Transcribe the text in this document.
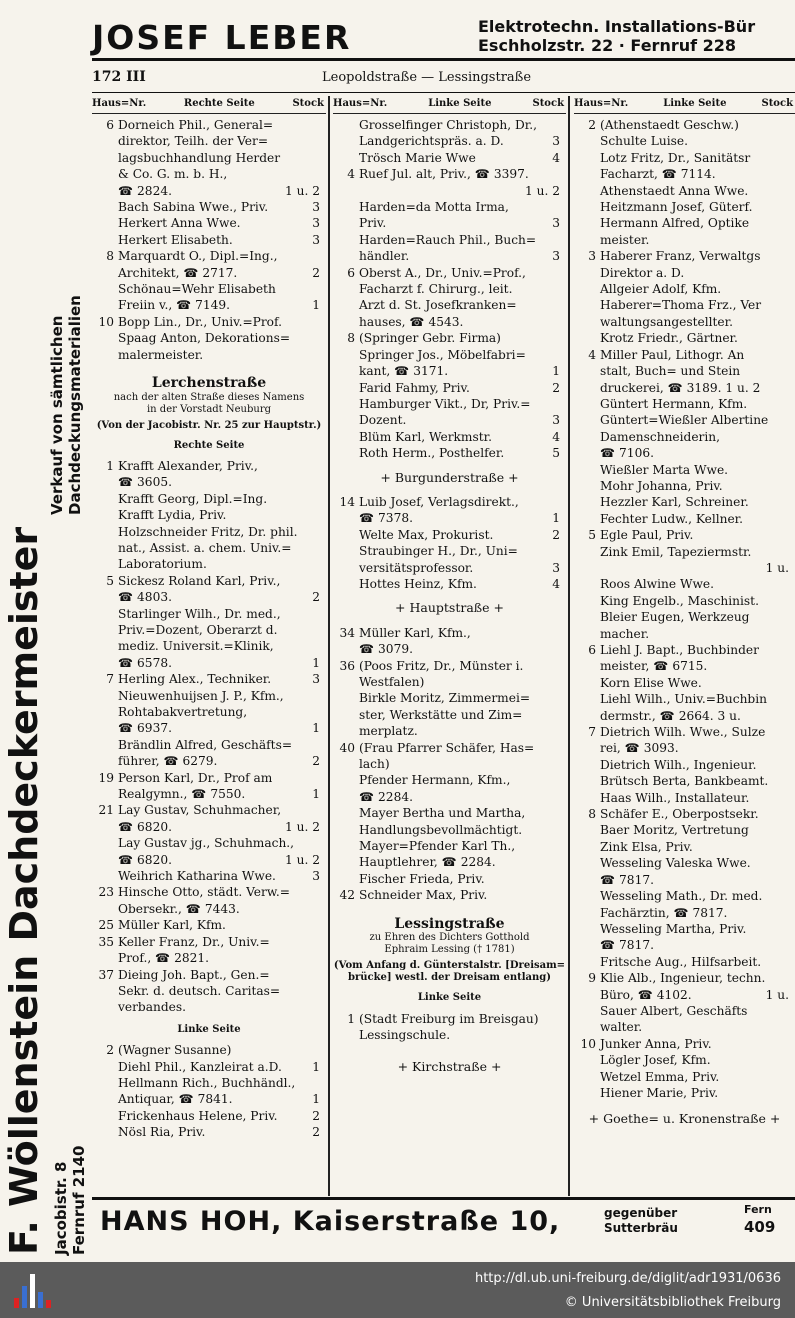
JOSEF LEBER	Elektrotechn. Installations-Bür
Eschholzstr. 22 · Fernruf 228
172 III	Leopoldstraße — Lessingstraße
F. Wöllenstein Dachdeckermeister
Verkauf von sämtlichen Dachdeckungsmaterialien
Jacobistr. 8 Fernruf 2140
Haus=Nr.	Rechte Seite	Stock
6 Dorneich Phil., General=
direktor, Teilh. der Ver=
lagsbuchhandlung Herder
& Co. G. m. b. H.,
☎ 2824.	1 u. 2
Bach Sabina Wwe., Priv.	3
Herkert Anna Wwe.	3
Herkert Elisabeth.	3
8 Marquardt O., Dipl.=Ing.,
Architekt, ☎ 2717.	2
Schönau=Wehr Elisabeth
Freiin v., ☎ 7149.	1
10 Bopp Lin., Dr., Univ.=Prof.
Spaag Anton, Dekorations=
malermeister.
Lerchenstraße
nach der alten Straße dieses Namens
in der Vorstadt Neuburg
(Von der Jacobistr. Nr. 25 zur Hauptstr.)
Rechte Seite
1 Krafft Alexander, Priv.,
☎ 3605.
Krafft Georg, Dipl.=Ing.
Krafft Lydia, Priv.
Holzschneider Fritz, Dr. phil.
nat., Assist. a. chem. Univ.=
Laboratorium.
5 Sickesz Roland Karl, Priv.,
☎ 4803.	2
Starlinger Wilh., Dr. med.,
Priv.=Dozent, Oberarzt d.
mediz. Universit.=Klinik,
☎ 6578.	1
7 Herling Alex., Techniker.	3
Nieuwenhuijsen J. P., Kfm.,
Rohtabakvertretung,
☎ 6937.	1
Brändlin Alfred, Geschäfts=
führer, ☎ 6279.	2
19 Person Karl, Dr., Prof am
Realgymn., ☎ 7550.	1
21 Lay Gustav, Schuhmacher,
☎ 6820.	1 u. 2
Lay Gustav jg., Schuhmach.,
☎ 6820.	1 u. 2
Weihrich Katharina Wwe.	3
23 Hinsche Otto, städt. Verw.=
Obersekr., ☎ 7443.
25 Müller Karl, Kfm.
35 Keller Franz, Dr., Univ.=
Prof., ☎ 2821.
37 Dieing Joh. Bapt., Gen.=
Sekr. d. deutsch. Caritas=
verbandes.
Linke Seite
2 (Wagner Susanne)
Diehl Phil., Kanzleirat a.D. 1
Hellmann Rich., Buchhändl.,
Antiquar, ☎ 7841.	1
Frickenhaus Helene, Priv.	2
Nösl Ria, Priv.	2
Haus=Nr.	Linke Seite	Stock
Grosselfinger Christoph, Dr.,
Landgerichtspräs. a. D.	3
Trösch Marie Wwe	4
4 Ruef Jul. alt, Priv., ☎ 3397.
1 u. 2
Harden=da Motta Irma,
Priv.	3
Harden=Rauch Phil., Buch=
händler.	3
6 Oberst A., Dr., Univ.=Prof.,
Facharzt f. Chirurg., leit.
Arzt d. St. Josefkranken=
hauses, ☎ 4543.
8 (Springer Gebr. Firma)
Springer Jos., Möbelfabri=
kant, ☎ 3171.	1
Farid Fahmy, Priv.	2
Hamburger Vikt., Dr, Priv.=
Dozent.	3
Blüm Karl, Werkmstr.	4
Roth Herm., Posthelfer.	5
+ Burgunderstraße +
14 Luib Josef, Verlagsdirekt.,
☎ 7378.	1
Welte Max, Prokurist.	2
Straubinger H., Dr., Uni=
versitätsprofessor.	3
Hottes Heinz, Kfm.	4
+ Hauptstraße +
34 Müller Karl, Kfm.,
☎ 3079.
36 (Poos Fritz, Dr., Münster i.
Westfalen)
Birkle Moritz, Zimmermei=
ster, Werkstätte und Zim=
merplatz.
40 (Frau Pfarrer Schäfer, Has=
lach)
Pfender Hermann, Kfm.,
☎ 2284.
Mayer Bertha und Martha,
Handlungsbevollmächtigt.
Mayer=Pfender Karl Th.,
Hauptlehrer, ☎ 2284.
Fischer Frieda, Priv.
42 Schneider Max, Priv.
Lessingstraße
zu Ehren des Dichters Gotthold
Ephraim Lessing († 1781)
(Vom Anfang d. Günterstalstr. [Dreisam=
brücke] westl. der Dreisam entlang)
Linke Seite
1 (Stadt Freiburg im Breisgau)
Lessingschule.
+ Kirchstraße +
Haus=Nr.	Linke Seite	Stock
2 (Athenstaedt Geschw.)
Schulte Luise.
Lotz Fritz, Dr., Sanitätsr
Facharzt, ☎ 7114.
Athenstaedt Anna Wwe.
Heitzmann Josef, Güterf.
Hermann Alfred, Optike
meister.
3 Haberer Franz, Verwaltgs
Direktor a. D.
Allgeier Adolf, Kfm.
Haberer=Thoma Frz., Ver
waltungsangestellter.
Krotz Friedr., Gärtner.
4 Miller Paul, Lithogr. An
stalt, Buch= und Stein
druckerei, ☎ 3189. 1 u. 2
Güntert Hermann, Kfm.
Güntert=Wießler Albertine
Damenschneiderin,
☎ 7106.
Wießler Marta Wwe.
Mohr Johanna, Priv.
Hezzler Karl, Schreiner.
Fechter Ludw., Kellner.
5 Egle Paul, Priv.
Zink Emil, Tapeziermstr.
1 u.
Roos Alwine Wwe.
King Engelb., Maschinist.
Bleier Eugen, Werkzeug
macher.
6 Liehl J. Bapt., Buchbinder
meister, ☎ 6715.
Korn Elise Wwe.
Liehl Wilh., Univ.=Buchbin
dermstr., ☎ 2664. 3 u.
7 Dietrich Wilh. Wwe., Sulze
rei, ☎ 3093.
Dietrich Wilh., Ingenieur.
Brütsch Berta, Bankbeamt.
Haas Wilh., Installateur.
8 Schäfer E., Oberpostsekr.
Baer Moritz, Vertretung
Zink Elsa, Priv.
Wesseling Valeska Wwe.
☎ 7817.
Wesseling Math., Dr. med.
Fachärztin, ☎ 7817.
Wesseling Martha, Priv.
☎ 7817.
Fritsche Aug., Hilfsarbeit.
9 Klie Alb., Ingenieur, techn.
Büro, ☎ 4102.	1 u.
Sauer Albert, Geschäfts
walter.
10 Junker Anna, Priv.
Lögler Josef, Kfm.
Wetzel Emma, Priv.
Hiener Marie, Priv.
+ Goethe= u. Kronenstraße +
HANS HOH, Kaiserstraße 10,	gegenüber
Sutterbräu
Fern
409
http://dl.ub.uni-freiburg.de/diglit/adr1931/0636
© Universitätsbibliothek Freiburg
